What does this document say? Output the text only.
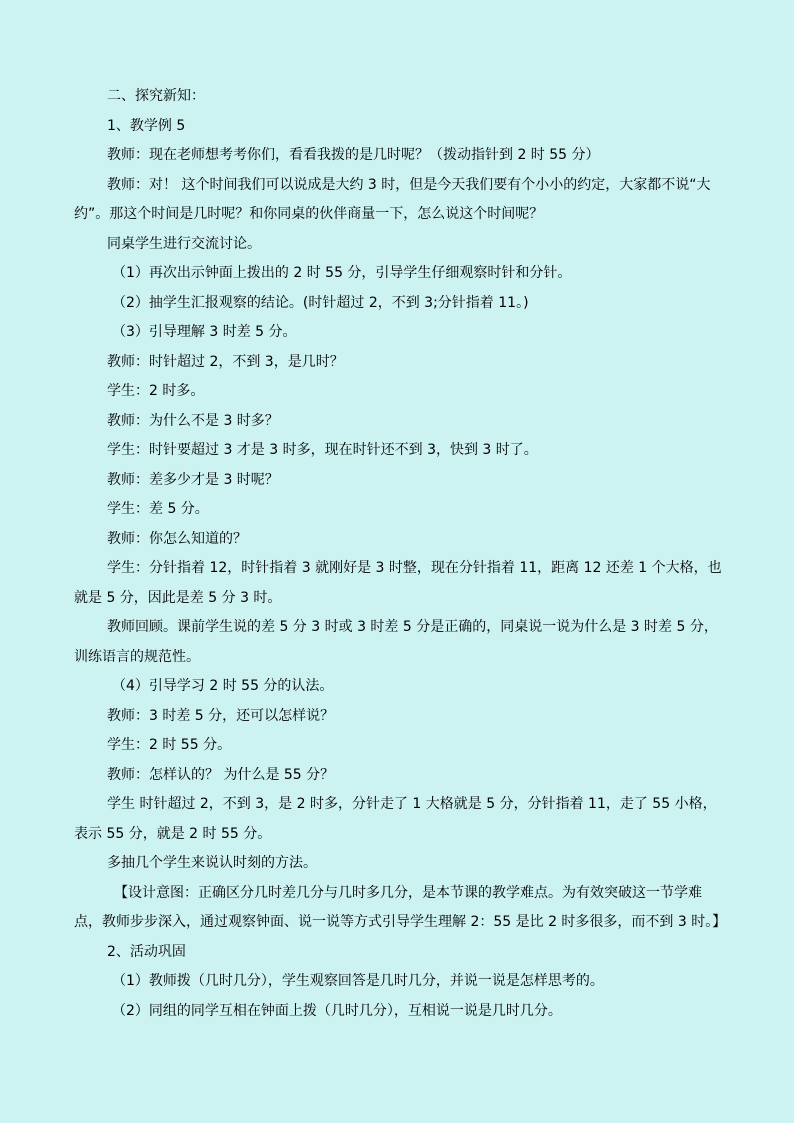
二、探究新知：

1、教学例 5

教师：现在老师想考考你们，看看我拨的是几时呢？（拨动指针到 2 时 55 分）

教师：对！ 这个时间我们可以说成是大约 3 时，但是今天我们要有个小小的约定，大家都不说“大约”。那这个时间是几时呢？和你同桌的伙伴商量一下，怎么说这个时间呢？

同桌学生进行交流讨论。

（1）再次出示钟面上拨出的 2 时 55 分，引导学生仔细观察时针和分针。

（2）抽学生汇报观察的结论。(时针超过 2，不到 3;分针指着 11。)

（3）引导理解 3 时差 5 分。

教师：时针超过 2，不到 3，是几时？

学生：2 时多。

教师：为什么不是 3 时多？

学生：时针要超过 3 才是 3 时多，现在时针还不到 3，快到 3 时了。

教师：差多少才是 3 时呢？

学生：差 5 分。

教师：你怎么知道的？

学生：分针指着 12，时针指着 3 就刚好是 3 时整，现在分针指着 11，距离 12 还差 1 个大格，也就是 5 分，因此是差 5 分 3 时。

教师回顾。课前学生说的差 5 分 3 时或 3 时差 5 分是正确的，同桌说一说为什么是 3 时差 5 分，训练语言的规范性。

（4）引导学习 2 时 55 分的认法。

教师：3 时差 5 分，还可以怎样说？

学生：2 时 55 分。

教师：怎样认的？ 为什么是 55 分？

学生 时针超过 2，不到 3，是 2 时多，分针走了 1 大格就是 5 分，分针指着 11，走了 55 小格，表示 55 分，就是 2 时 55 分。

多抽几个学生来说认时刻的方法。

【设计意图：正确区分几时差几分与几时多几分，是本节课的教学难点。为有效突破这一节学难点，教师步步深入，通过观察钟面、说一说等方式引导学生理解 2：55 是比 2 时多很多，而不到 3 时。】

2、活动巩固

（1）教师拨（几时几分），学生观察回答是几时几分，并说一说是怎样思考的。

（2）同组的同学互相在钟面上拨（几时几分），互相说一说是几时几分。
